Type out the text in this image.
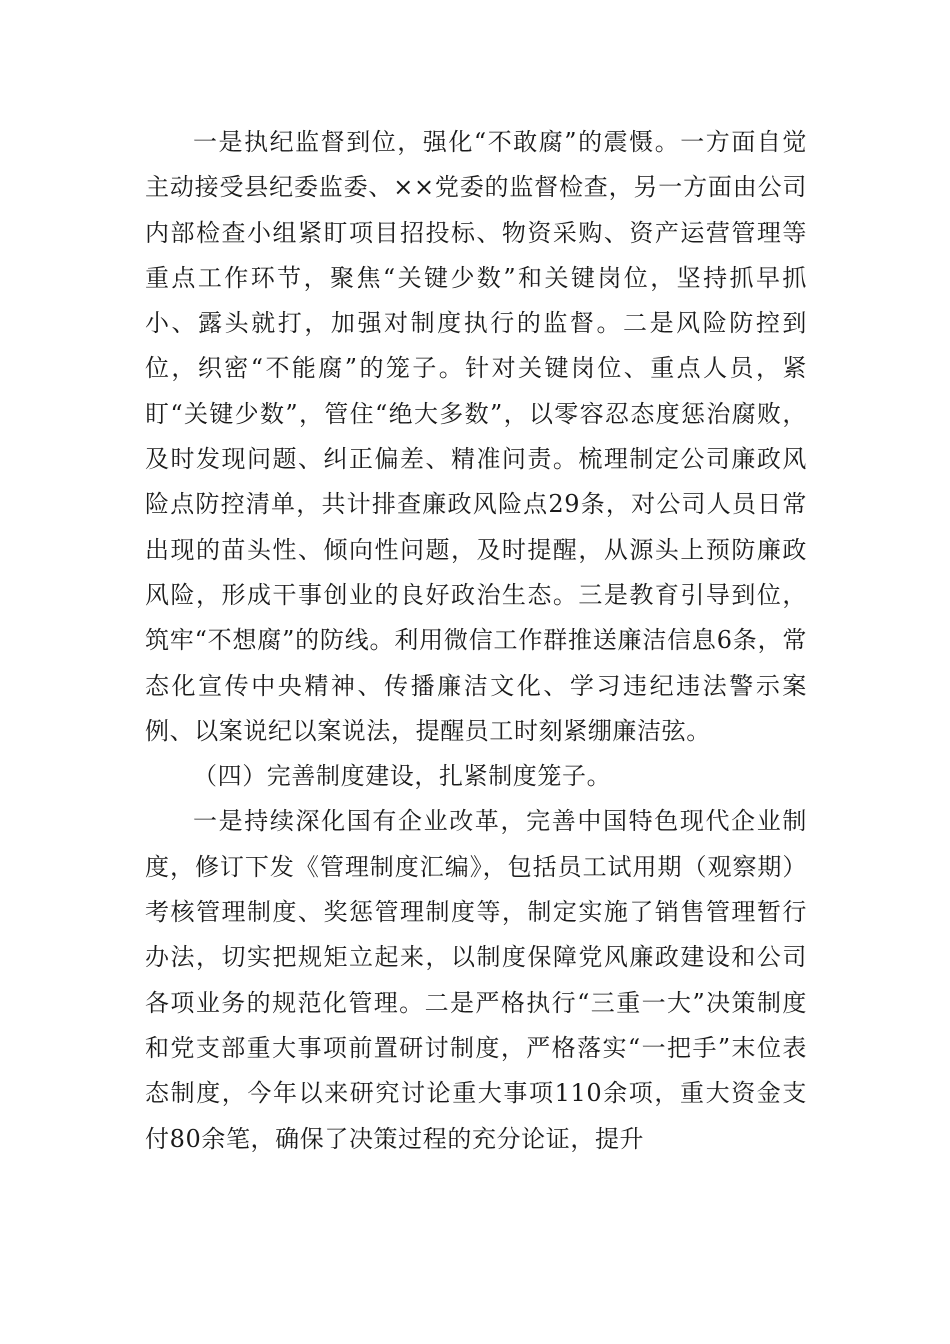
一是执纪监督到位，强化“不敢腐”的震慑。一方面自觉主动接受县纪委监委、××党委的监督检查，另一方面由公司内部检查小组紧盯项目招投标、物资采购、资产运营管理等重点工作环节，聚焦“关键少数”和关键岗位，坚持抓早抓小、露头就打，加强对制度执行的监督。二是风险防控到位，织密“不能腐”的笼子。针对关键岗位、重点人员，紧盯“关键少数”，管住“绝大多数”，以零容忍态度惩治腐败，及时发现问题、纠正偏差、精准问责。梳理制定公司廉政风险点防控清单，共计排查廉政风险点29条，对公司人员日常出现的苗头性、倾向性问题，及时提醒，从源头上预防廉政风险，形成干事创业的良好政治生态。三是教育引导到位，筑牢“不想腐”的防线。利用微信工作群推送廉洁信息6条，常态化宣传中央精神、传播廉洁文化、学习违纪违法警示案例、以案说纪以案说法，提醒员工时刻紧绷廉洁弦。

（四）完善制度建设，扎紧制度笼子。

一是持续深化国有企业改革，完善中国特色现代企业制度，修订下发《管理制度汇编》，包括员工试用期（观察期）考核管理制度、奖惩管理制度等，制定实施了销售管理暂行办法，切实把规矩立起来，以制度保障党风廉政建设和公司各项业务的规范化管理。二是严格执行“三重一大”决策制度和党支部重大事项前置研讨制度，严格落实“一把手”末位表态制度，今年以来研究讨论重大事项110余项，重大资金支付80余笔，确保了决策过程的充分论证，提升
